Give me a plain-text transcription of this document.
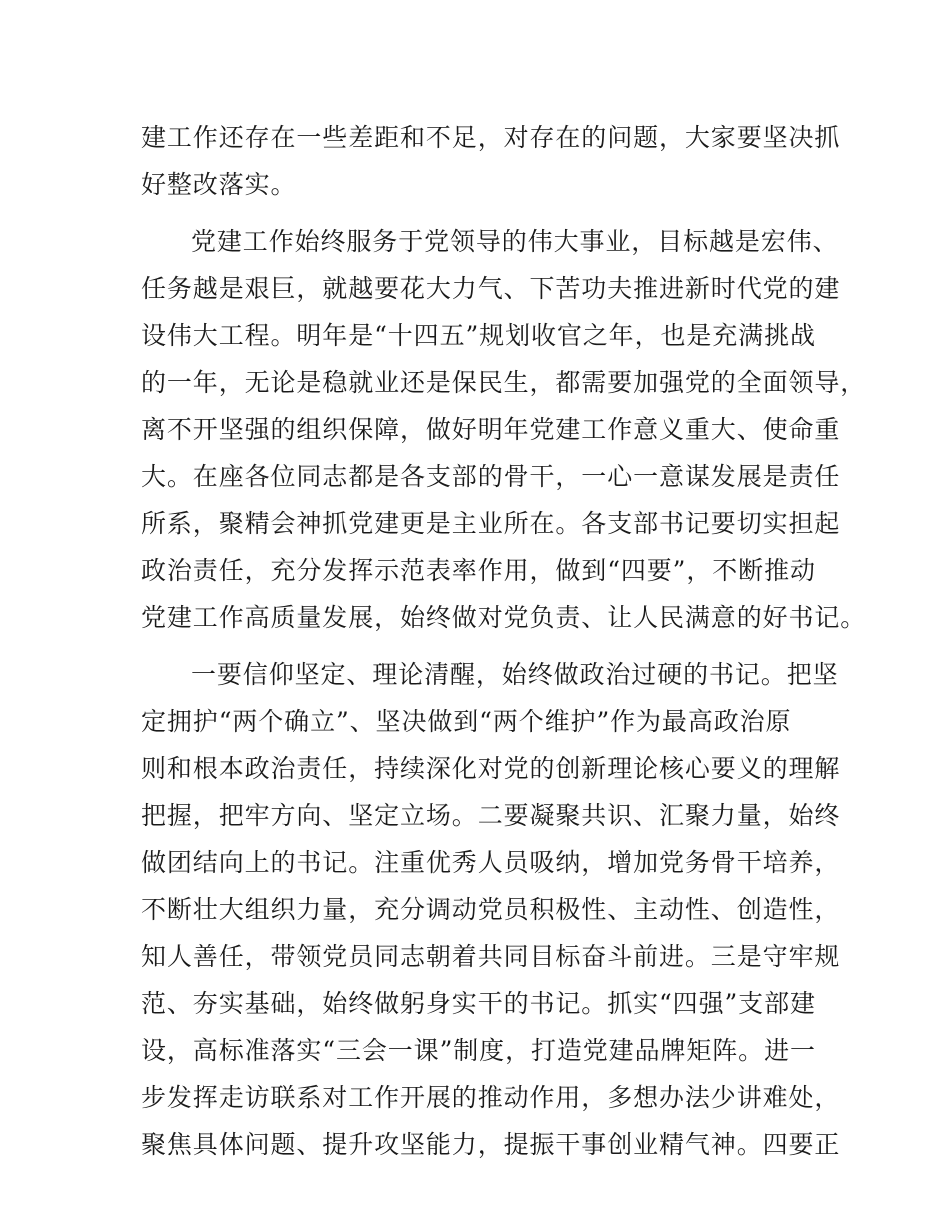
建工作还存在一些差距和不足，对存在的问题，大家要坚决抓
好整改落实。
党建工作始终服务于党领导的伟大事业，目标越是宏伟、
任务越是艰巨，就越要花大力气、下苦功夫推进新时代党的建
设伟大工程。明年是“十四五”规划收官之年，也是充满挑战
的一年，无论是稳就业还是保民生，都需要加强党的全面领导，
离不开坚强的组织保障，做好明年党建工作意义重大、使命重
大。在座各位同志都是各支部的骨干，一心一意谋发展是责任
所系，聚精会神抓党建更是主业所在。各支部书记要切实担起
政治责任，充分发挥示范表率作用，做到“四要”，不断推动
党建工作高质量发展，始终做对党负责、让人民满意的好书记。
一要信仰坚定、理论清醒，始终做政治过硬的书记。把坚
定拥护“两个确立”、坚决做到“两个维护”作为最高政治原
则和根本政治责任，持续深化对党的创新理论核心要义的理解
把握，把牢方向、坚定立场。二要凝聚共识、汇聚力量，始终
做团结向上的书记。注重优秀人员吸纳，增加党务骨干培养，
不断壮大组织力量，充分调动党员积极性、主动性、创造性，
知人善任，带领党员同志朝着共同目标奋斗前进。三是守牢规
范、夯实基础，始终做躬身实干的书记。抓实“四强”支部建
设，高标准落实“三会一课”制度，打造党建品牌矩阵。进一
步发挥走访联系对工作开展的推动作用，多想办法少讲难处，
聚焦具体问题、提升攻坚能力，提振干事创业精气神。四要正
